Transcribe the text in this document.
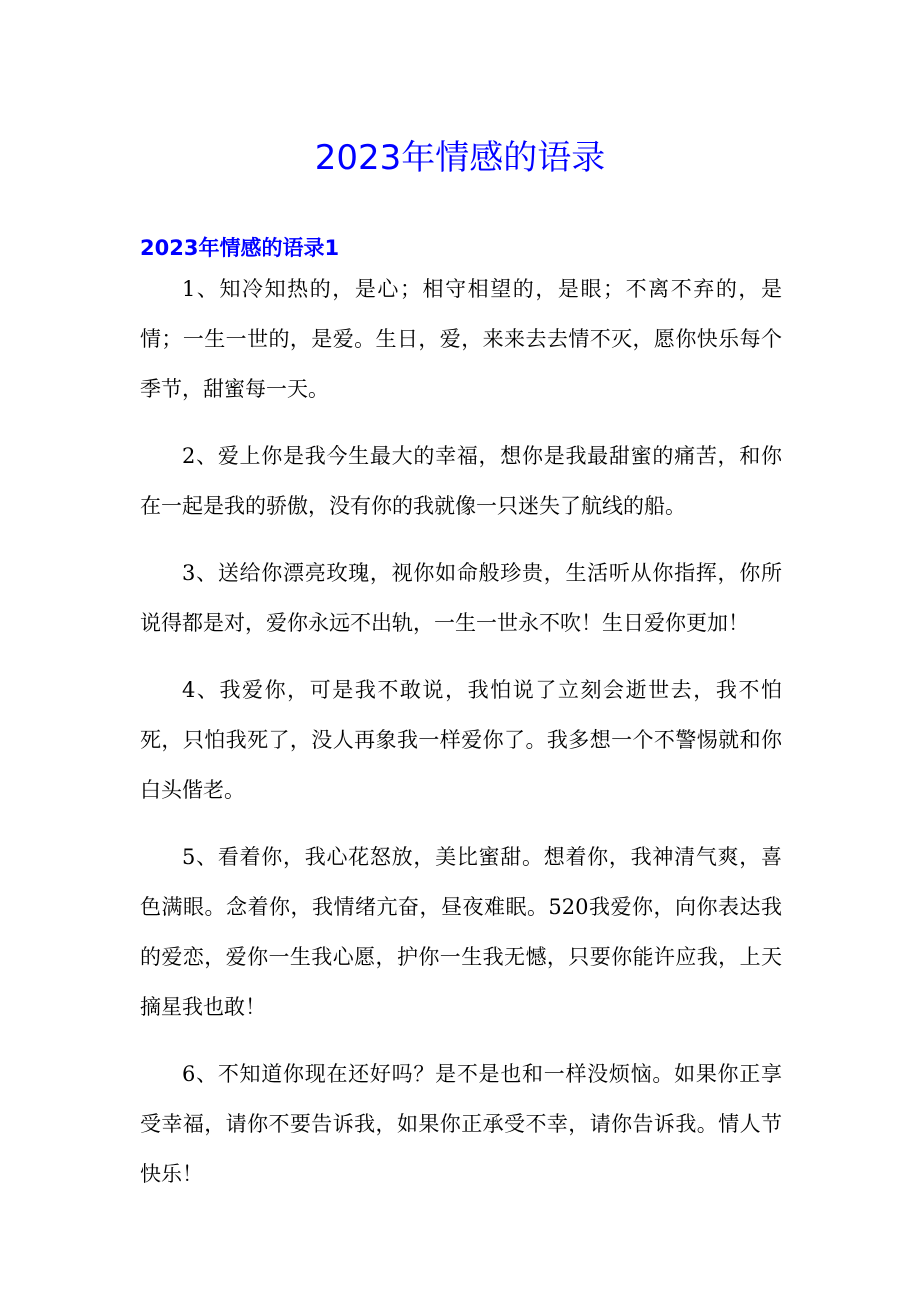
2023年情感的语录
2023年情感的语录1

1、知冷知热的，是心；相守相望的，是眼；不离不弃的，是情；一生一世的，是爱。生日，爱，来来去去情不灭，愿你快乐每个季节，甜蜜每一天。

2、爱上你是我今生最大的幸福，想你是我最甜蜜的痛苦，和你在一起是我的骄傲，没有你的我就像一只迷失了航线的船。

3、送给你漂亮玫瑰，视你如命般珍贵，生活听从你指挥，你所说得都是对，爱你永远不出轨，一生一世永不吹！生日爱你更加！

4、我爱你，可是我不敢说，我怕说了立刻会逝世去，我不怕死，只怕我死了，没人再象我一样爱你了。我多想一个不警惕就和你白头偕老。

5、看着你，我心花怒放，美比蜜甜。想着你，我神清气爽，喜色满眼。念着你，我情绪亢奋，昼夜难眠。520我爱你，向你表达我的爱恋，爱你一生我心愿，护你一生我无憾，只要你能许应我，上天摘星我也敢！

6、不知道你现在还好吗？是不是也和一样没烦恼。如果你正享受幸福，请你不要告诉我，如果你正承受不幸，请你告诉我。情人节快乐！
